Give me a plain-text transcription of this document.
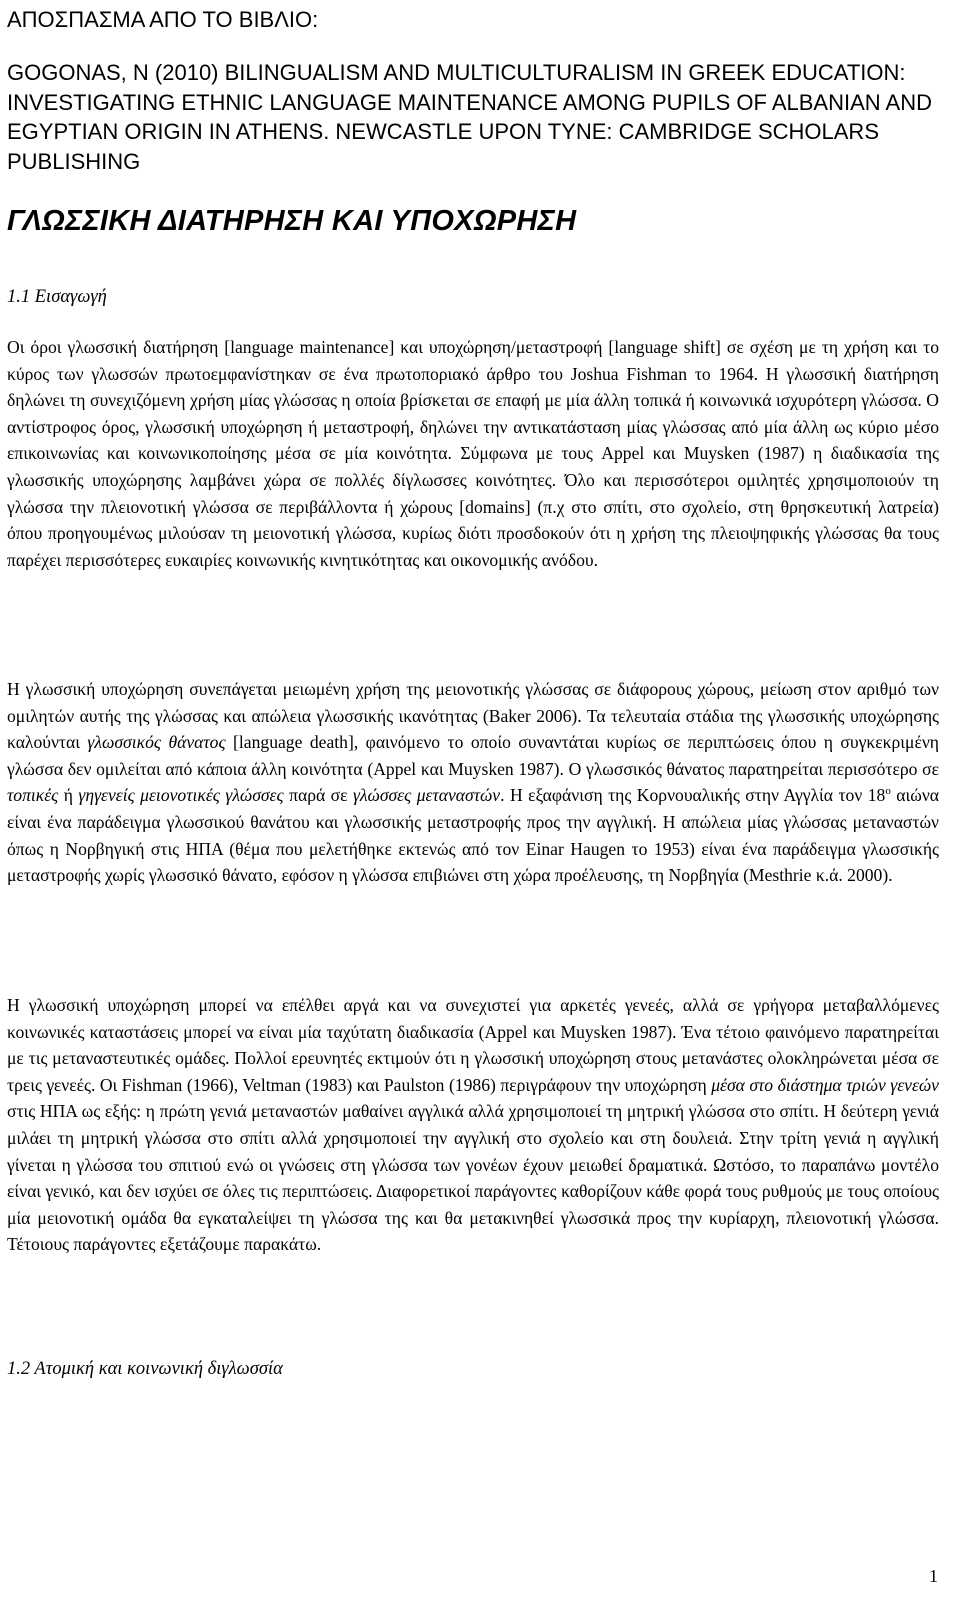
ΑΠΟΣΠΑΣΜΑ ΑΠΟ ΤΟ ΒΙΒΛΙΟ:
GOGONAS, N (2010) BILINGUALISM AND MULTICULTURALISM IN GREEK EDUCATION: INVESTIGATING ETHNIC LANGUAGE MAINTENANCE AMONG PUPILS OF ALBANIAN AND EGYPTIAN ORIGIN IN ATHENS. NEWCASTLE UPON TYNE: CAMBRIDGE SCHOLARS PUBLISHING
ΓΛΩΣΣΙΚΗ ΔΙΑΤΗΡΗΣΗ ΚΑΙ ΥΠΟΧΩΡΗΣΗ
1.1 Εισαγωγή

Οι όροι γλωσσική διατήρηση [language maintenance] και υποχώρηση/μεταστροφή [language shift] σε σχέση με τη χρήση και το κύρος των γλωσσών πρωτοεμφανίστηκαν σε ένα πρωτοποριακό άρθρο του Joshua Fishman το 1964. Η γλωσσική διατήρηση δηλώνει τη συνεχιζόμενη χρήση μίας γλώσσας η οποία βρίσκεται σε επαφή με μία άλλη τοπικά ή κοινωνικά ισχυρότερη γλώσσα. Ο αντίστροφος όρος, γλωσσική υποχώρηση ή μεταστροφή, δηλώνει την αντικατάσταση μίας γλώσσας από μία άλλη ως κύριο μέσο επικοινωνίας και κοινωνικοποίησης μέσα σε μία κοινότητα. Σύμφωνα με τους Appel και Muysken (1987) η διαδικασία της γλωσσικής υποχώρησης λαμβάνει χώρα σε πολλές δίγλωσσες κοινότητες. Όλο και περισσότεροι ομιλητές χρησιμοποιούν τη γλώσσα την πλειονοτική γλώσσα σε περιβάλλοντα ή χώρους [domains] (π.χ στο σπίτι, στο σχολείο, στη θρησκευτική λατρεία) όπου προηγουμένως μιλούσαν τη μειονοτική γλώσσα, κυρίως διότι προσδοκούν ότι η χρήση της πλειοψηφικής γλώσσας θα τους παρέχει περισσότερες ευκαιρίες κοινωνικής κινητικότητας και οικονομικής ανόδου.

Η γλωσσική υποχώρηση συνεπάγεται μειωμένη χρήση της μειονοτικής γλώσσας σε διάφορους χώρους, μείωση στον αριθμό των ομιλητών αυτής της γλώσσας και απώλεια γλωσσικής ικανότητας (Baker 2006). Τα τελευταία στάδια της γλωσσικής υποχώρησης καλούνται γλωσσικός θάνατος [language death], φαινόμενο το οποίο συναντάται κυρίως σε περιπτώσεις όπου η συγκεκριμένη γλώσσα δεν ομιλείται από κάποια άλλη κοινότητα (Appel και Muysken 1987). Ο γλωσσικός θάνατος παρατηρείται περισσότερο σε τοπικές ή γηγενείς μειονοτικές γλώσσες παρά σε γλώσσες μεταναστών. Η εξαφάνιση της Κορνουαλικής στην Αγγλία τον $18^o$ αιώνα είναι ένα παράδειγμα γλωσσικού θανάτου και γλωσσικής μεταστροφής προς την αγγλική. Η απώλεια μίας γλώσσας μεταναστών όπως η Νορβηγική στις ΗΠΑ (θέμα που μελετήθηκε εκτενώς από τον Einar Haugen το 1953) είναι ένα παράδειγμα γλωσσικής μεταστροφής χωρίς γλωσσικό θάνατο, εφόσον η γλώσσα επιβιώνει στη χώρα προέλευσης, τη Νορβηγία (Mesthrie κ.ά. 2000).

Η γλωσσική υποχώρηση μπορεί να επέλθει αργά και να συνεχιστεί για αρκετές γενεές, αλλά σε γρήγορα μεταβαλλόμενες κοινωνικές καταστάσεις μπορεί να είναι μία ταχύτατη διαδικασία (Appel και Muysken 1987). Ένα τέτοιο φαινόμενο παρατηρείται με τις μεταναστευτικές ομάδες. Πολλοί ερευνητές εκτιμούν ότι η γλωσσική υποχώρηση στους μετανάστες ολοκληρώνεται μέσα σε τρεις γενεές. Οι Fishman (1966), Veltman (1983) και Paulston (1986) περιγράφουν την υποχώρηση μέσα στο διάστημα τριών γενεών στις ΗΠΑ ως εξής: η πρώτη γενιά μεταναστών μαθαίνει αγγλικά αλλά χρησιμοποιεί τη μητρική γλώσσα στο σπίτι. Η δεύτερη γενιά μιλάει τη μητρική γλώσσα στο σπίτι αλλά χρησιμοποιεί την αγγλική στο σχολείο και στη δουλειά. Στην τρίτη γενιά η αγγλική γίνεται η γλώσσα του σπιτιού ενώ οι γνώσεις στη γλώσσα των γονέων έχουν μειωθεί δραματικά. Ωστόσο, το παραπάνω μοντέλο είναι γενικό, και δεν ισχύει σε όλες τις περιπτώσεις. Διαφορετικοί παράγοντες καθορίζουν κάθε φορά τους ρυθμούς με τους οποίους μία μειονοτική ομάδα θα εγκαταλείψει τη γλώσσα της και θα μετακινηθεί γλωσσικά προς την κυρίαρχη, πλειονοτική γλώσσα. Τέτοιους παράγοντες εξετάζουμε παρακάτω.

1.2 Ατομική και κοινωνική διγλωσσία
1
